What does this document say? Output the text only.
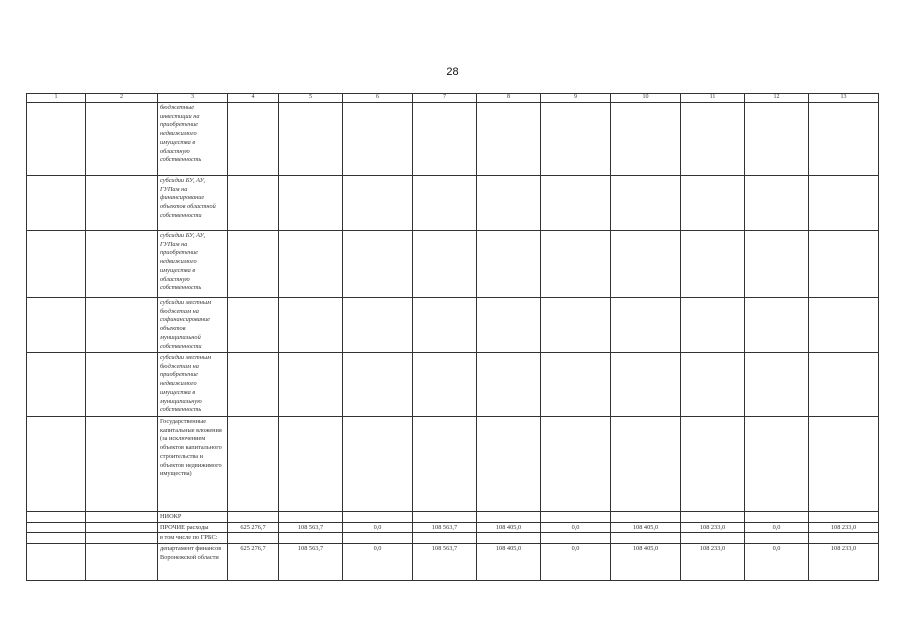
28
1	2	3	4	5	6	7	8	9	10	11	12	13
		бюджетные инвестиции на приобретение недвижимого имущества в областную собственность										
		субсидии БУ, АУ, ГУПам на финансирование объектов областной собственности										
		субсидии БУ, АУ, ГУПам на приобретение недвижимого имущества в областную собственность										
		субсидии местным бюджетам на софинансирование объектов муниципальной собственности										
		субсидии местным бюджетам на приобретение недвижимого имущества в муниципальную собственность										
		Государственные капитальные вложения (за исключением объектов капитального строительства и объектов недвижимого имущества)										
		НИОКР										
		ПРОЧИЕ расходы	625 276,7	108 563,7	0,0	108 563,7	108 405,0	0,0	108 405,0	108 233,0	0,0	108 233,0
		в том числе по ГРБС:										
		департамент финансов Воронежской области	625 276,7	108 563,7	0,0	108 563,7	108 405,0	0,0	108 405,0	108 233,0	0,0	108 233,0
